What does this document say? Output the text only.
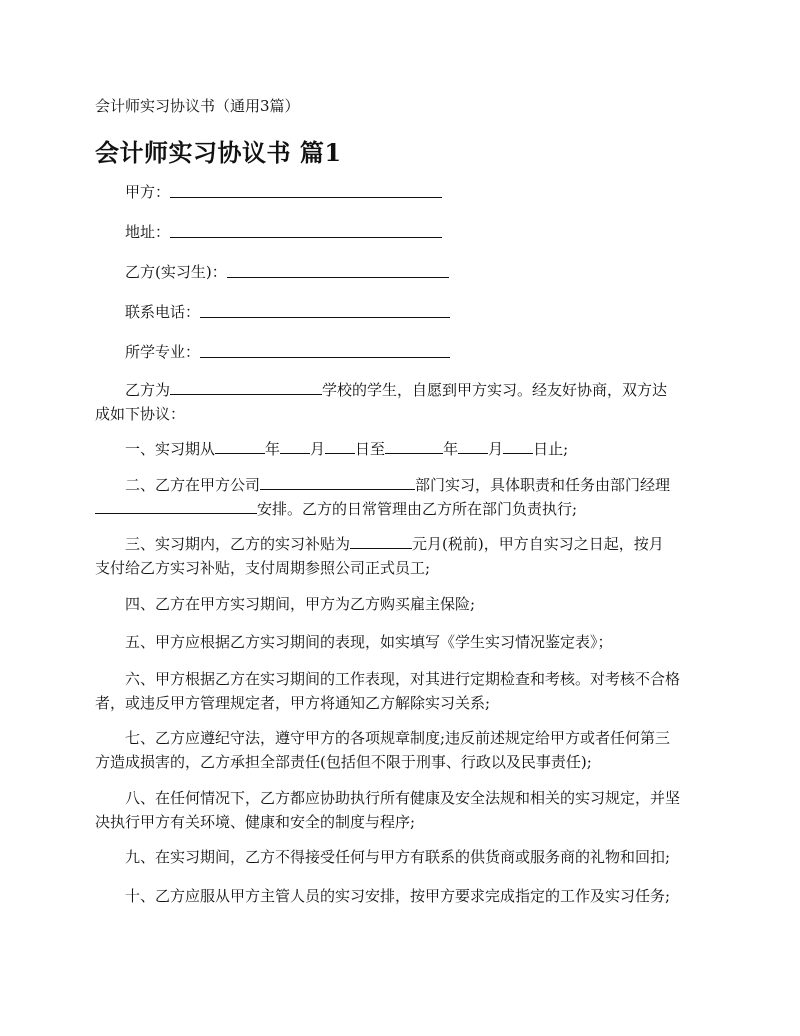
会计师实习协议书（通用3篇）
会计师实习协议书 篇1
甲方：
地址：
乙方(实习生)：
联系电话：
所学专业：
乙方为	学校的学生，自愿到甲方实习。经友好协商，双方达
成如下协议：
一、实习期从	年 月 日至	年 月 日止;
二、乙方在甲方公司	部门实习，具体职责和任务由部门经理
安排。乙方的日常管理由乙方所在部门负责执行;
三、实习期内，乙方的实习补贴为	元月(税前)，甲方自实习之日起，按月
支付给乙方实习补贴，支付周期参照公司正式员工;
四、乙方在甲方实习期间，甲方为乙方购买雇主保险;
五、甲方应根据乙方实习期间的表现，如实填写《学生实习情况鉴定表》；
六、甲方根据乙方在实习期间的工作表现，对其进行定期检查和考核。对考核不合格
者，或违反甲方管理规定者，甲方将通知乙方解除实习关系;
七、乙方应遵纪守法，遵守甲方的各项规章制度;违反前述规定给甲方或者任何第三
方造成损害的，乙方承担全部责任(包括但不限于刑事、行政以及民事责任);
八、在任何情况下，乙方都应协助执行所有健康及安全法规和相关的实习规定，并坚
决执行甲方有关环境、健康和安全的制度与程序;
九、在实习期间，乙方不得接受任何与甲方有联系的供货商或服务商的礼物和回扣;
十、乙方应服从甲方主管人员的实习安排，按甲方要求完成指定的工作及实习任务;
